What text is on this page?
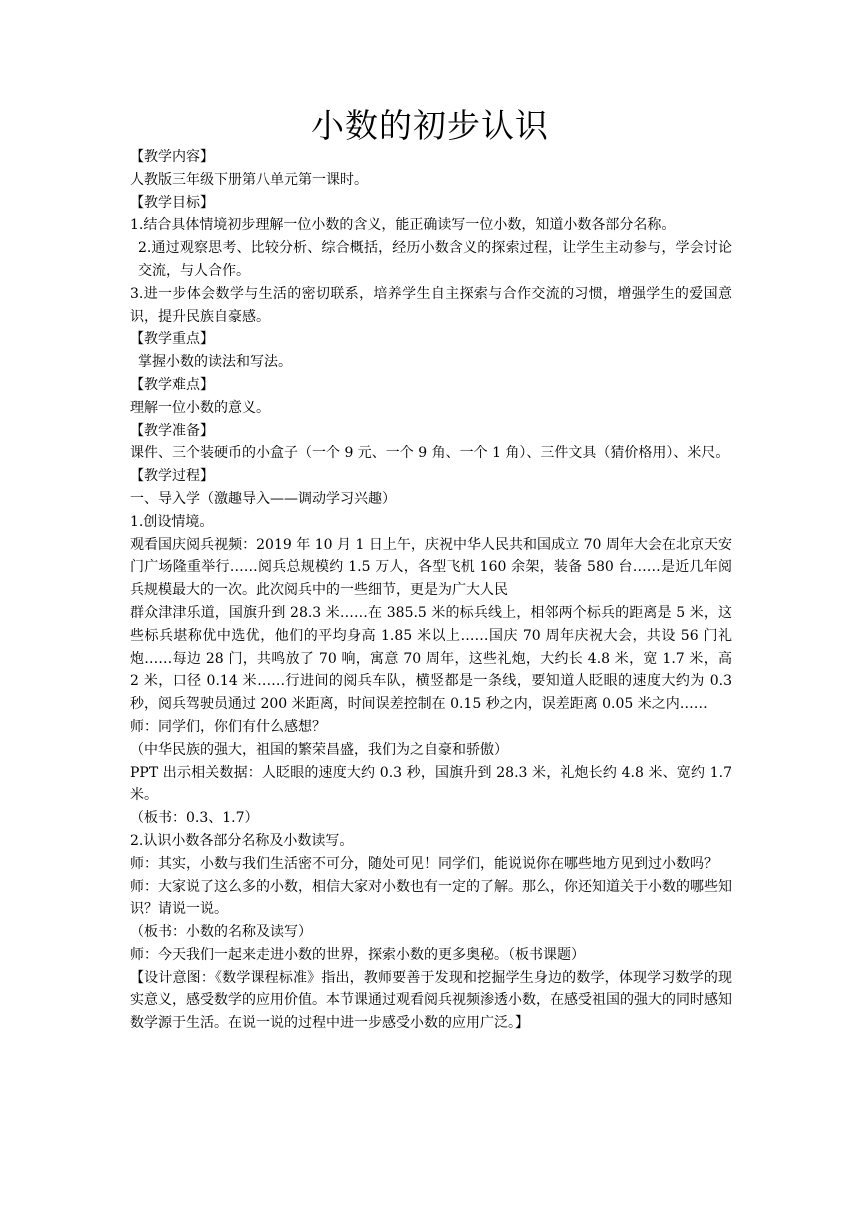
小数的初步认识

【教学内容】

人教版三年级下册第八单元第一课时。

【教学目标】

1.结合具体情境初步理解一位小数的含义，能正确读写一位小数，知道小数各部分名称。

2.通过观察思考、比较分析、综合概括，经历小数含义的探索过程，让学生主动参与，学会讨论交流，与人合作。

3.进一步体会数学与生活的密切联系，培养学生自主探索与合作交流的习惯，增强学生的爱国意识，提升民族自豪感。

【教学重点】

掌握小数的读法和写法。

【教学难点】

理解一位小数的意义。

【教学准备】

课件、三个装硬币的小盒子（一个 9 元、一个 9 角、一个 1 角）、三件文具（猜价格用）、米尺。

【教学过程】

一、导入学（激趣导入——调动学习兴趣）

1.创设情境。

观看国庆阅兵视频：2019 年 10 月 1 日上午，庆祝中华人民共和国成立 70 周年大会在北京天安门广场隆重举行……阅兵总规模约 1.5 万人，各型飞机 160 余架，装备 580 台……是近几年阅兵规模最大的一次。此次阅兵中的一些细节，更是为广大人民

群众津津乐道，国旗升到 28.3 米……在 385.5 米的标兵线上，相邻两个标兵的距离是 5 米，这些标兵堪称优中选优，他们的平均身高 1.85 米以上……国庆 70 周年庆祝大会，共设 56 门礼炮……每边 28 门，共鸣放了 70 响，寓意 70 周年，这些礼炮，大约长 4.8 米，宽 1.7 米，高 2 米，口径 0.14 米……行进间的阅兵车队，横竖都是一条线，要知道人眨眼的速度大约为 0.3 秒，阅兵驾驶员通过 200 米距离，时间误差控制在 0.15 秒之内，误差距离 0.05 米之内……

师：同学们，你们有什么感想？

（中华民族的强大，祖国的繁荣昌盛，我们为之自豪和骄傲）

PPT 出示相关数据：人眨眼的速度大约 0.3 秒，国旗升到 28.3 米，礼炮长约 4.8 米、宽约 1.7 米。

（板书：0.3、1.7）

2.认识小数各部分名称及小数读写。

师：其实，小数与我们生活密不可分，随处可见！同学们，能说说你在哪些地方见到过小数吗？

师：大家说了这么多的小数，相信大家对小数也有一定的了解。那么，你还知道关于小数的哪些知识？请说一说。

（板书：小数的名称及读写）

师：今天我们一起来走进小数的世界，探索小数的更多奥秘。（板书课题）

【设计意图：《数学课程标准》指出，教师要善于发现和挖掘学生身边的数学，体现学习数学的现实意义，感受数学的应用价值。本节课通过观看阅兵视频渗透小数，在感受祖国的强大的同时感知数学源于生活。在说一说的过程中进一步感受小数的应用广泛。】
